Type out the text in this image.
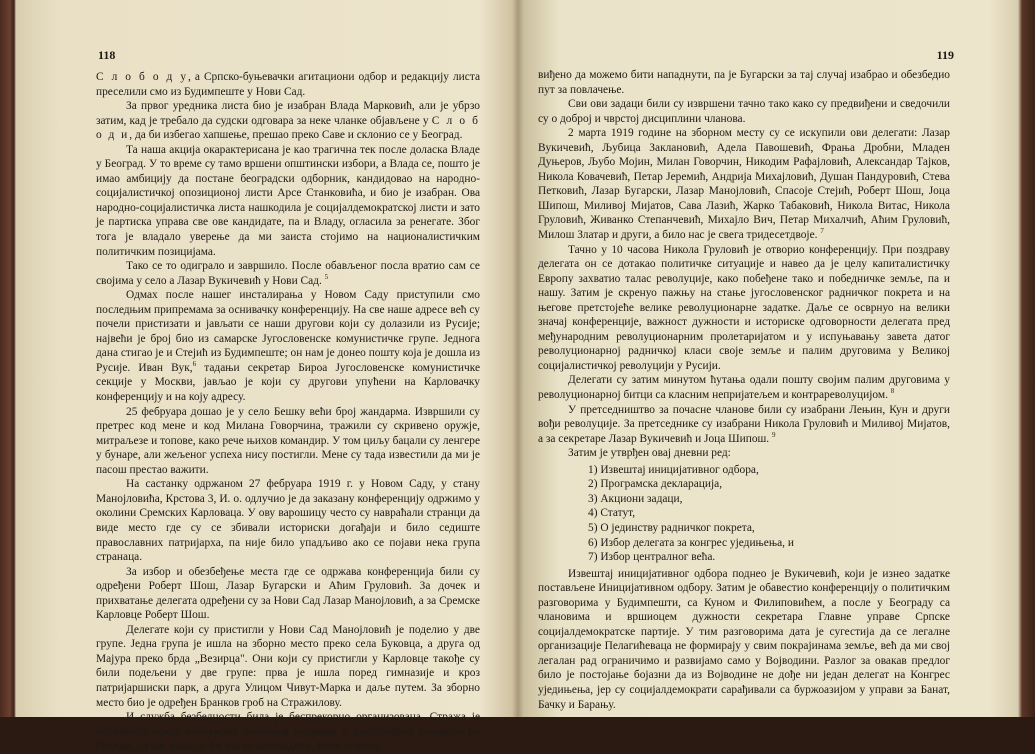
118

С л о б о д у, а Српско-буњевачки агитациони одбор и редакцију листа преселили смо из Будимпеште у Нови Сад.

За првог уредника листа био је изабран Влада Марковић, али је убрзо затим, кад је требало да судски одговара за неке чланке објављене у С л о б о д и, да би избегао хапшење, прешао преко Саве и склонио се у Београд.

Та наша акција окарактерисана је као трагична тек после доласка Владе у Београд. У то време су тамо вршени општински избори, а Влада се, пошто је имао амбицију да постане београдски одборник, кандидовао на народно-социјалистичкој опозиционој листи Арсе Станковића, и био је изабран. Ова народно-социјалистичка листа нашкодила је социјалдемократској листи и зато је партиска управа све ове кандидате, па и Владу, огласила за ренегате. Због тога је владало уверење да ми заиста стојимо на националистичким политичким позицијама.

Тако се то одиграло и завршило. После обављеног посла вратио сам се својима у село а Лазар Вукичевић у Нови Сад. $^5$

Одмах после нашег инсталирања у Новом Саду приступили смо последњим припремама за оснивачку конференцију. На све наше адресе већ су почели пристизати и јављати се наши другови који су долазили из Русије; највећи је број био из самарске Југословенске комунистичке групе. Једнога дана стигао је и Стејић из Будимпеште; он нам је донео пошту која је дошла из Русије. Иван Вук,$^6$ тадањи секретар Бироа Југословенске комунистичке секције у Москви, јављао је који су другови упућени на Карловачку конференцију и на коју адресу.

25 фебруара дошао је у село Бешку већи број жандарма. Извршили су претрес код мене и код Милана Говорчина, тражили су скривено оружје, митраљезе и топове, како рече њихов командир. У том циљу бацали су ленгере у бунаре, али жељеног успеха нису постигли. Мене су тада известили да ми је пасош престао важити.

На састанку одржаном 27 фебруара 1919 г. у Новом Саду, у стану Манојловића, Крстова 3, И. о. одлучио је да заказану конференцију одржимо у околини Сремских Карловаца. У ову варошицу често су навраћали странци да виде место где су се збивали историски догађаји и било седиште православних патријарха, па није било упадљиво ако се појави нека група странаца.

За избор и обезбеђење места где се одржава конференција били су одређени Роберт Шош, Лазар Бугарски и Аћим Груловић. За дочек и прихватање делегата одређени су за Нови Сад Лазар Манојловић, а за Сремске Карловце Роберт Шош.

Делегате који су пристигли у Нови Сад Манојловић је поделио у две групе. Једна група је ишла на зборно место преко села Буковца, а друга од Мајура преко брда „Везирца". Они који су пристигли у Карловце такође су били подељени у две групе: прва је ишла поред гимназије и кроз патријаршиски парк, а друга Улицом Чивут-Марка и даље путем. За зборно место био је одређен Бранков гроб на Стражилову.

И служба безбедности била је беспрекорно организована. Стража је маркирала ловце наоружане ловачким пушкама и распоређена унаоколо по брдима, да нас нико не би могао изненадити. Било је пред-

119

виђено да можемо бити нападнути, па је Бугарски за тај случај изабрао и обезбедио пут за повлачење.

Сви ови задаци били су извршени тачно тако како су предвиђени и сведочили су о доброј и чврстој дисциплини чланова.

2 марта 1919 године на зборном месту су се искупили ови делегати: Лазар Вукичевић, Љубица Заклановић, Адела Павошевић, Фрања Дробни, Младен Дуњеров, Љубо Мојин, Милан Говорчин, Никодим Рафајловић, Александар Тајков, Никола Ковачевић, Петар Јеремић, Андрија Михајловић, Душан Пандуровић, Стева Петковић, Лазар Бугарски, Лазар Манојловић, Спасоје Стејић, Роберт Шош, Јоца Шипош, Миливој Мијатов, Сава Лазић, Жарко Табаковић, Никола Витас, Никола Груловић, Живанко Степанчевић, Михајло Вич, Петар Михалчић, Аћим Груловић, Милош Златар и други, а било нас је свега тридесетдвоје. $^7$

Тачно у 10 часова Никола Груловић је отворио конференцију. При поздраву делегата он се дотакао политичке ситуације и навео да је целу капиталистичку Европу захватио талас револуције, како побеђене тако и победничке земље, па и нашу. Затим је скренуо пажњу на стање југословенског радничког покрета и на његове претстојеће велике револуционарне задатке. Даље се осврнуо на велики значај конференције, важност дужности и историске одговорности делегата пред међународним револуционарним пролетаријатом и у испуњавању завета датог револуционарној радничкој класи своје земље и палим друговима у Великој социјалистичкој револуцији у Русији.

Делегати су затим минутом ћутања одали пошту својим палим друговима у револуционарној битци са класним непријатељем и контрареволуцијом. $^8$

У претседништво за почасне чланове били су изабрани Лењин, Кун и други вођи револуције. За претседнике су изабрани Никола Груловић и Миливој Мијатов, а за секретаре Лазар Вукичевић и Јоца Шипош. $^9$

Затим је утврђен овај дневни ред:

1) Извештај иницијативног одбора,
2) Програмска декларација,
3) Акциони задаци,
4) Статут,
5) О јединству радничког покрета,
6) Избор делегата за конгрес уједињења, и
7) Избор централног већа.

Извештај иницијативног одбора поднео је Вукичевић, који је изнео задатке постављене Иницијативном одбору. Затим је обавестио конференцију о политичким разговорима у Будимпешти, са Куном и Филиповићем, а после у Београду са члановима и вршиоцем дужности секретара Главне управе Српске социјалдемократске партије. У тим разговорима дата је сугестија да се легалне организације Пелагићевaца не формирају у свим покрајинама земље, већ да ми свој легалан рад ограничимо и развијамо само у Војводини. Разлог за овакав предлог било је постојање бојазни да из Војводине не дође ни један делегат на Конгрес уједињења, јер су социјалдемократи сарађивали са буржоазијом у управи за Банат, Бачку и Барању.
